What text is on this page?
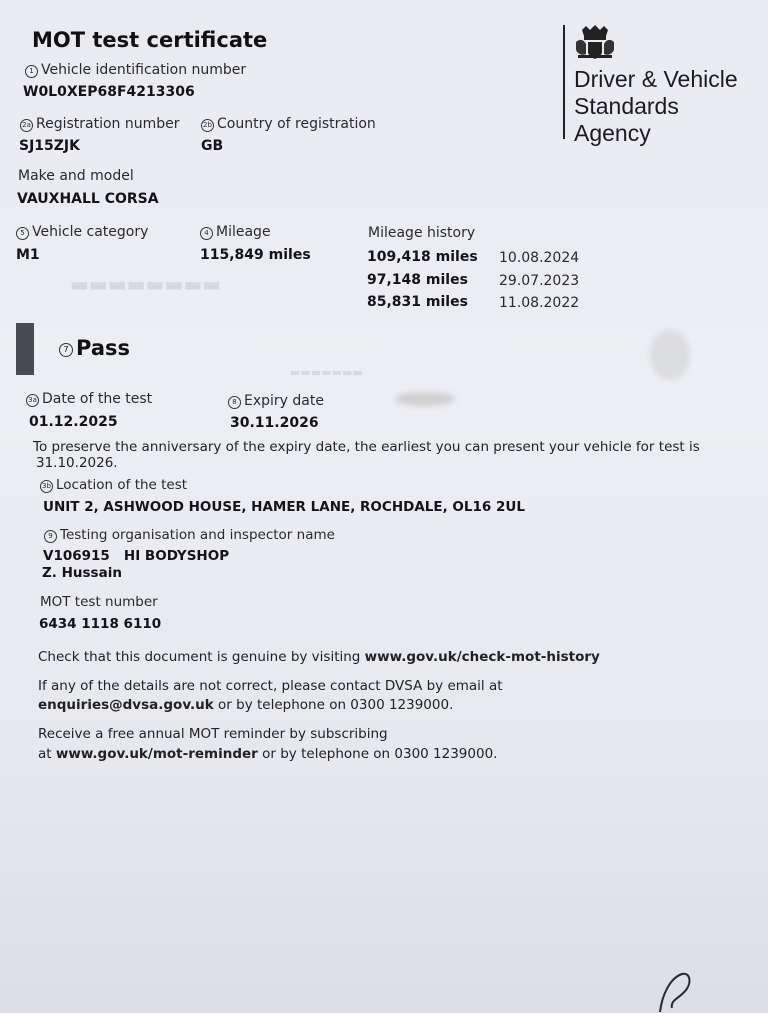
▬▬▬▬▬▬▬▬
▬▬▬▬▬▬▬
MOT test certificate
Driver & Vehicle
Standards
Agency
1 Vehicle identification number
W0L0XEP68F4213306
2a Registration number
SJ15ZJK
2b Country of registration
GB
Make and model
VAUXHALL CORSA
5 Vehicle category
M1
4 Mileage
115,849 miles
Mileage history
109,418 miles 10.08.2024
97,148 miles 29.07.2023
85,831 miles 11.08.2022
7 Pass
3a Date of the test
01.12.2025
8 Expiry date
30.11.2026
To preserve the anniversary of the expiry date, the earliest you can present your vehicle for test is
31.10.2026.
3b Location of the test
UNIT 2, ASHWOOD HOUSE, HAMER LANE, ROCHDALE, OL16 2UL
9 Testing organisation and inspector name
V106915   HI BODYSHOP
Z. Hussain
MOT test number
6434 1118 6110
Check that this document is genuine by visiting www.gov.uk/check-mot-history
If any of the details are not correct, please contact DVSA by email at
enquiries@dvsa.gov.uk or by telephone on 0300 1239000.
Receive a free annual MOT reminder by subscribing
at www.gov.uk/mot-reminder or by telephone on 0300 1239000.
